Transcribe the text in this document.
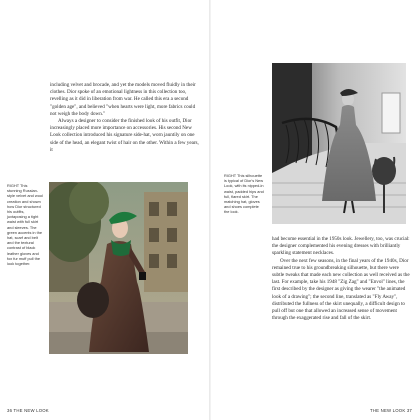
including velvet and brocade, and yet the models moved fluidly in their clothes. Dior spoke of an emotional lightness in this collection too, revelling as it did in liberation from war. He called this era a second "golden age", and believed "when hearts were light, more fabrics could not weigh the body down."

Always a designer to consider the finished look of his outfit, Dior increasingly placed more importance on accessories. His second New Look collection introduced his signature side-hat, worn jauntily on one side of the head, an elegant twist of hair on the other. Within a few years, it

RIGHT This stunning Russian-style velvet and wool creation and shown how Dior structured his outfits, juxtaposing a tight waist with full skirt and sleeves. The green accents in the hat, scarf and belt and the textural contrast of black leather gloves and fox fur muff pull the look together.

36 THE NEW LOOK

RIGHT This silhouette is typical of Dior's New Look, with its nipped-in waist, padded hips and full, flared skirt. The matching hat, gloves and shoes complete the look.

had become essential in the 1950s look. Jewellery, too, was crucial: the designer complemented his evening dresses with brilliantly sparkling statement necklaces.

Over the next few seasons, in the final years of the 1940s, Dior remained true to his groundbreaking silhouette, but there were subtle tweaks that made each new collection as well received as the last. For example, take his 1948 "Zig Zag" and "Envol" lines, the first described by the designer as giving the wearer "the animated look of a drawing"; the second line, translated as "Fly Away", distributed the fullness of the skirt unequally, a difficult design to pull off but one that allowed an increased sense of movement through the exaggerated rise and fall of the skirt.

THE NEW LOOK 37
